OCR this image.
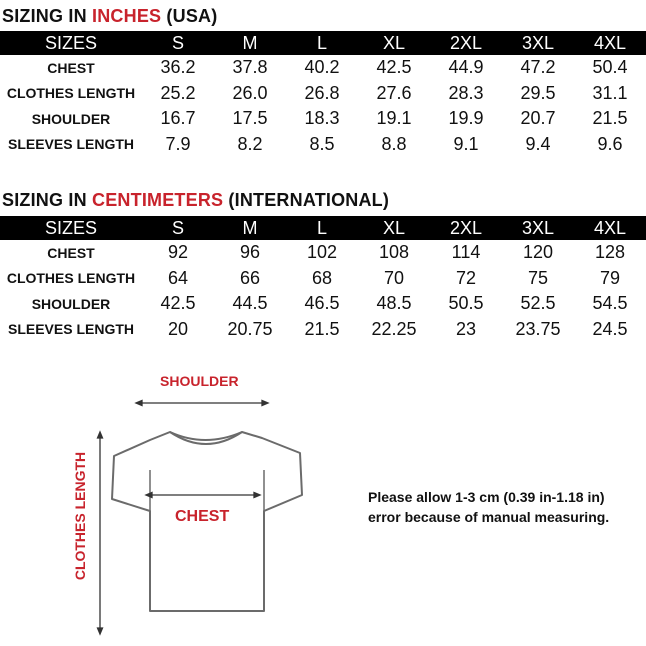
SIZING IN INCHES (USA)
SIZES	S	M	L	XL	2XL	3XL	4XL
CHEST	36.2	37.8	40.2	42.5	44.9	47.2	50.4
CLOTHES LENGTH	25.2	26.0	26.8	27.6	28.3	29.5	31.1
SHOULDER	16.7	17.5	18.3	19.1	19.9	20.7	21.5
SLEEVES LENGTH	7.9	8.2	8.5	8.8	9.1	9.4	9.6
SIZING IN CENTIMETERS (INTERNATIONAL)
SIZES	S	M	L	XL	2XL	3XL	4XL
CHEST	92	96	102	108	114	120	128
CLOTHES LENGTH	64	66	68	70	72	75	79
SHOULDER	42.5	44.5	46.5	48.5	50.5	52.5	54.5
SLEEVES LENGTH	20	20.75	21.5	22.25	23	23.75	24.5
SHOULDER
CHEST
CLOTHES LENGTH	Please allow 1-3 cm (0.39 in-1.18 in)
error because of manual measuring.
